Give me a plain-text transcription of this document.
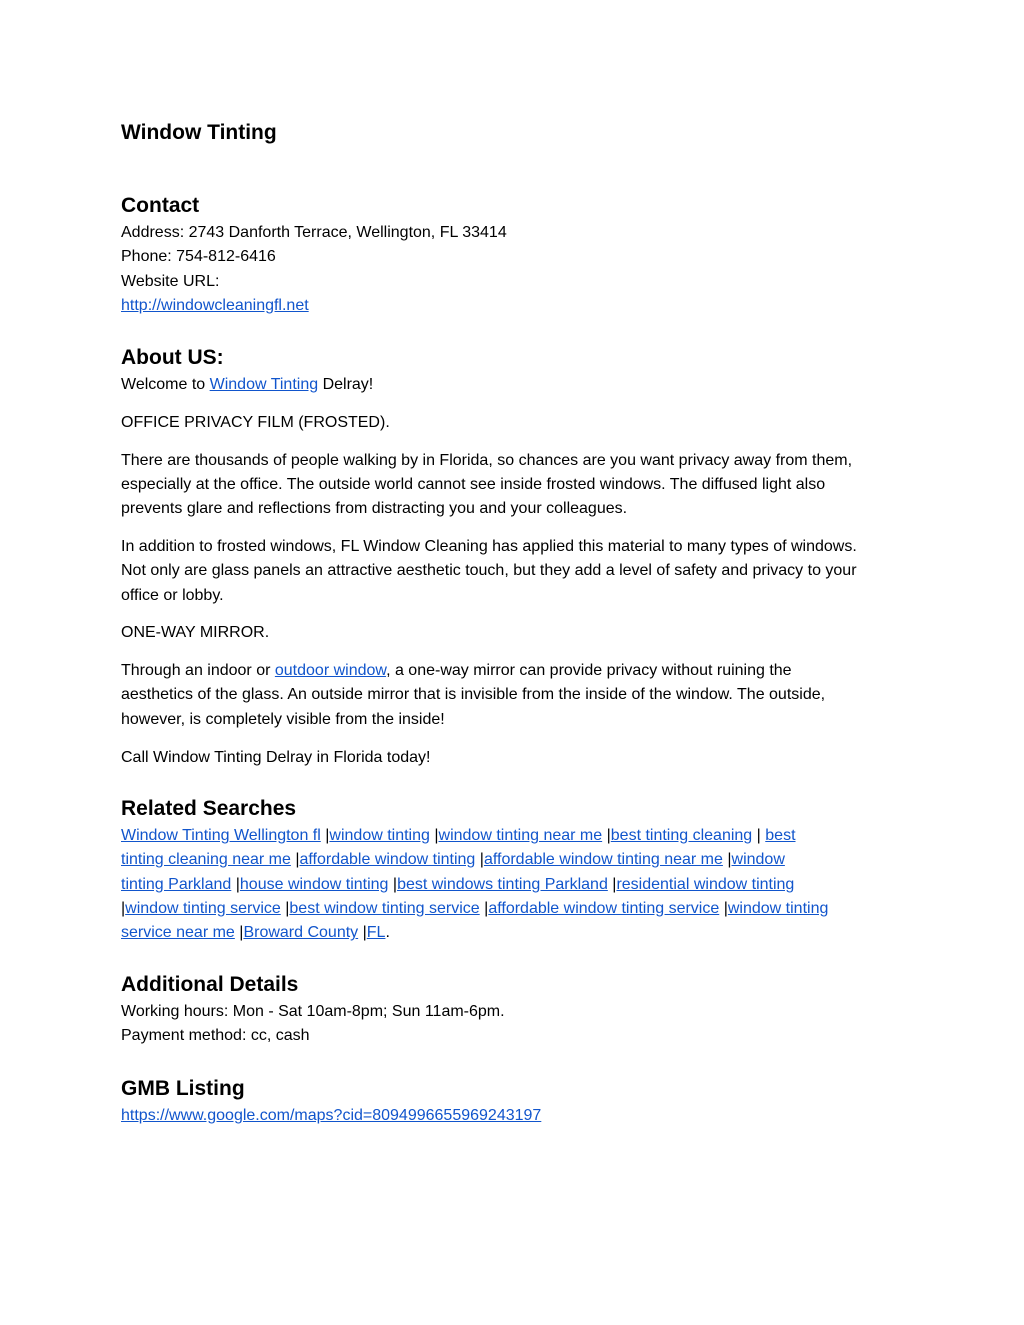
Window Tinting
Contact
Address: 2743 Danforth Terrace, Wellington, FL 33414
Phone: 754-812-6416
Website URL:
http://windowcleaningfl.net
About US:

Welcome to Window Tinting Delray!

OFFICE PRIVACY FILM (FROSTED).

There are thousands of people walking by in Florida, so chances are you want privacy away from them,
especially at the office. The outside world cannot see inside frosted windows. The diffused light also
prevents glare and reflections from distracting you and your colleagues.
In addition to frosted windows, FL Window Cleaning has applied this material to many types of windows.
Not only are glass panels an attractive aesthetic touch, but they add a level of safety and privacy to your
office or lobby.

ONE-WAY MIRROR.

Through an indoor or outdoor window, a one-way mirror can provide privacy without ruining the
aesthetics of the glass. An outside mirror that is invisible from the inside of the window. The outside,
however, is completely visible from the inside!

Call Window Tinting Delray in Florida today!

Related Searches
Window Tinting Wellington fl |window tinting |window tinting near me |best tinting cleaning | best
tinting cleaning near me |affordable window tinting |affordable window tinting near me |window
tinting Parkland |house window tinting |best windows tinting Parkland |residential window tinting
|window tinting service |best window tinting service |affordable window tinting service |window tinting
service near me |Broward County |FL.
Additional Details
Working hours: Mon - Sat 10am-8pm; Sun 11am-6pm.
Payment method: cc, cash
GMB Listing
https://www.google.com/maps?cid=8094996655969243197
